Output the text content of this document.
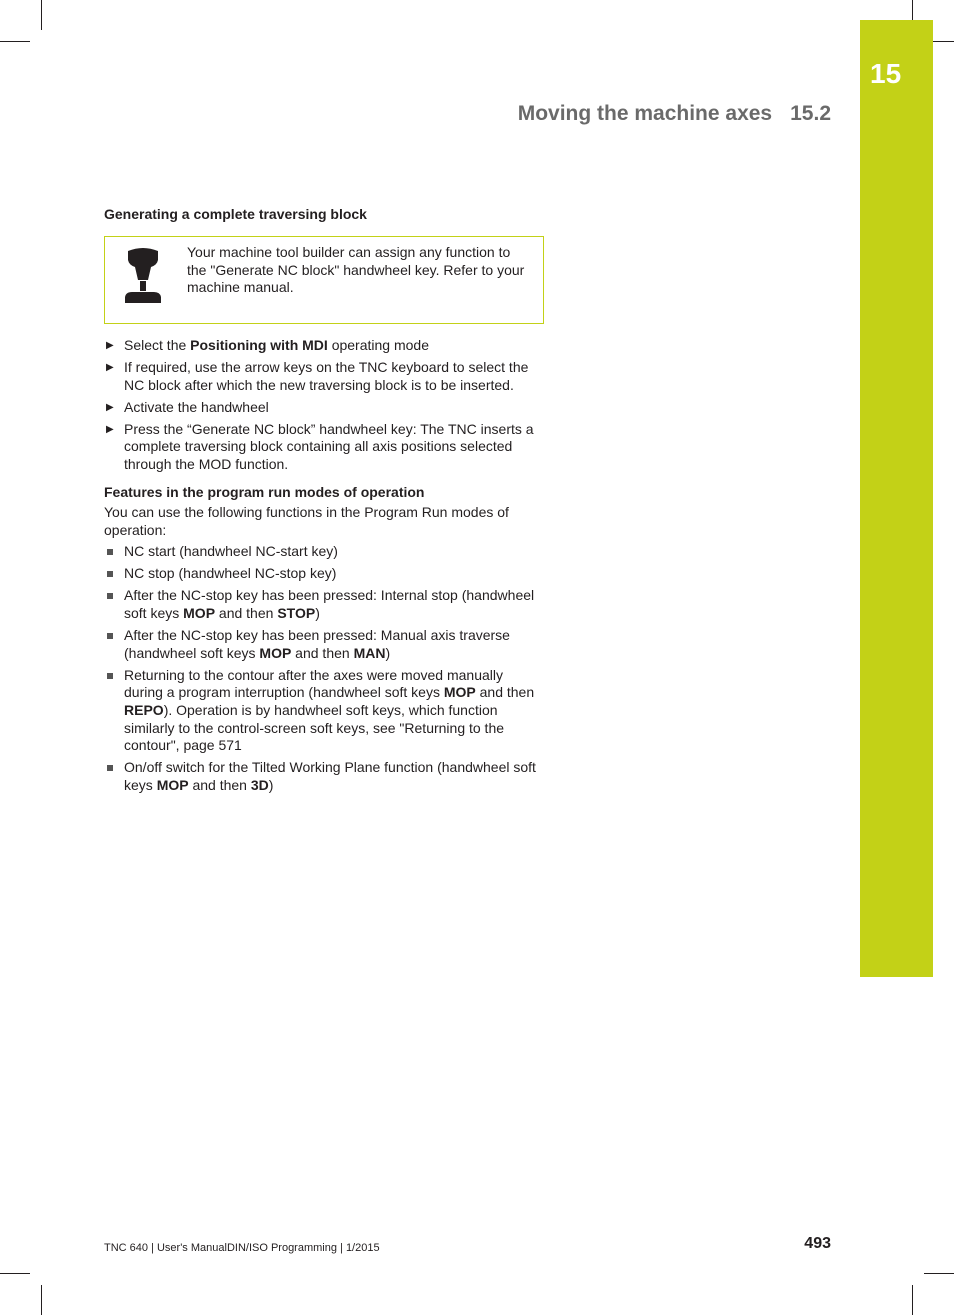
15
Moving the machine axes 15.2
Generating a complete traversing block
Your machine tool builder can assign any function to the "Generate NC block" handwheel key. Refer to your machine manual.
▶ Select the Positioning with MDI operating mode
▶ If required, use the arrow keys on the TNC keyboard to select the NC block after which the new traversing block is to be inserted.
▶ Activate the handwheel
▶ Press the “Generate NC block” handwheel key: The TNC inserts a complete traversing block containing all axis positions selected through the MOD function.
Features in the program run modes of operation

You can use the following functions in the Program Run modes of operation:

NC start (handwheel NC-start key)
NC stop (handwheel NC-stop key)
After the NC-stop key has been pressed: Internal stop (handwheel soft keys MOP and then STOP)
After the NC-stop key has been pressed: Manual axis traverse (handwheel soft keys MOP and then MAN)
Returning to the contour after the axes were moved manually during a program interruption (handwheel soft keys MOP and then REPO). Operation is by handwheel soft keys, which function similarly to the control-screen soft keys, see "Returning to the contour", page 571
On/off switch for the Tilted Working Plane function (handwheel soft keys MOP and then 3D)
TNC 640 | User's ManualDIN/ISO Programming | 1/2015	493
